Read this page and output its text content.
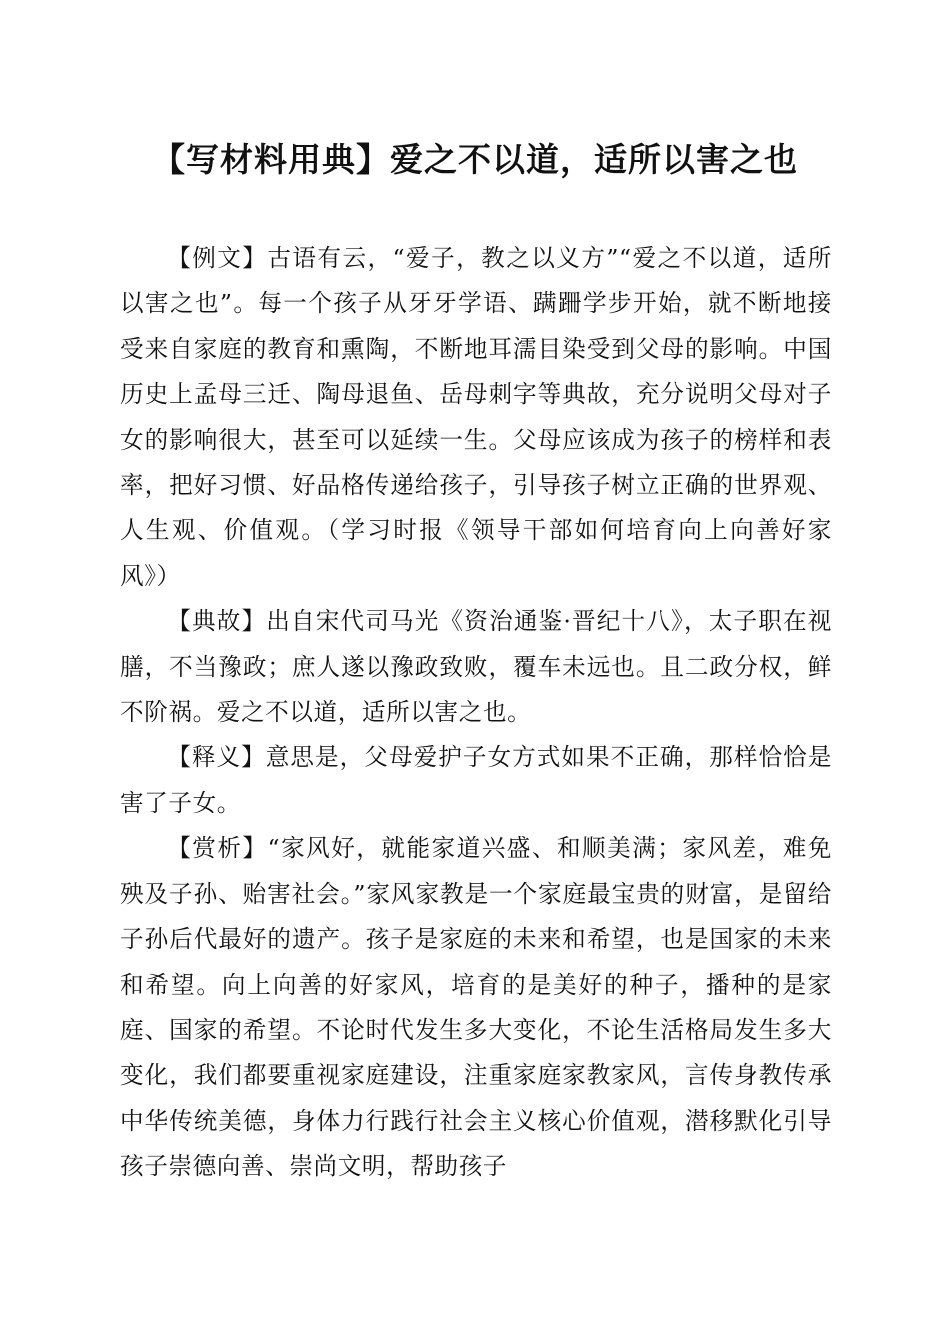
【写材料用典】爱之不以道，适所以害之也

【例文】古语有云，“爱子，教之以义方”“爱之不以道，适所以害之也”。每一个孩子从牙牙学语、蹒跚学步开始，就不断地接受来自家庭的教育和熏陶，不断地耳濡目染受到父母的影响。中国历史上孟母三迁、陶母退鱼、岳母刺字等典故，充分说明父母对子女的影响很大，甚至可以延续一生。父母应该成为孩子的榜样和表率，把好习惯、好品格传递给孩子，引导孩子树立正确的世界观、人生观、价值观。（学习时报《领导干部如何培育向上向善好家风》）

【典故】出自宋代司马光《资治通鉴·晋纪十八》，太子职在视膳，不当豫政；庶人遂以豫政致败，覆车未远也。且二政分权，鲜不阶祸。爱之不以道，适所以害之也。

【释义】意思是，父母爱护子女方式如果不正确，那样恰恰是害了子女。

【赏析】“家风好，就能家道兴盛、和顺美满；家风差，难免殃及子孙、贻害社会。”家风家教是一个家庭最宝贵的财富，是留给子孙后代最好的遗产。孩子是家庭的未来和希望，也是国家的未来和希望。向上向善的好家风，培育的是美好的种子，播种的是家庭、国家的希望。不论时代发生多大变化，不论生活格局发生多大变化，我们都要重视家庭建设，注重家庭家教家风，言传身教传承中华传统美德，身体力行践行社会主义核心价值观，潜移默化引导孩子崇德向善、崇尚文明，帮助孩子
